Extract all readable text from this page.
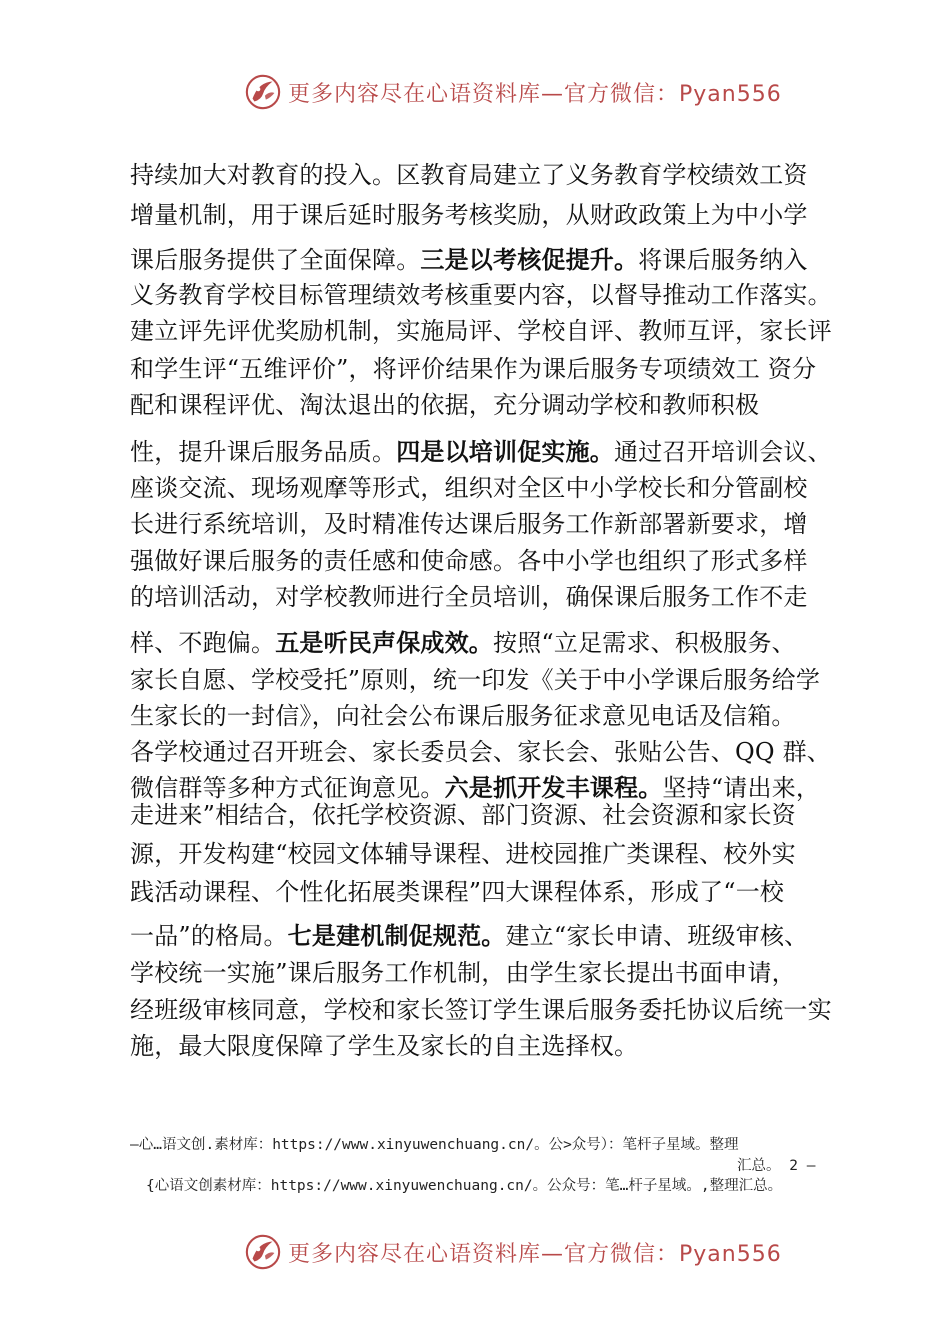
更多内容尽在心语资料库—官方微信：Pyan556
持续加大对教育的投入。区教育局建立了义务教育学校绩效工资
增量机制，用于课后延时服务考核奖励，从财政政策上为中小学
课后服务提供了全面保障。三是以考核促提升。将课后服务纳入
义务教育学校目标管理绩效考核重要内容，以督导推动工作落实。
建立评先评优奖励机制，实施局评、学校自评、教师互评，家长评
和学生评“五维评价”，将评价结果作为课后服务专项绩效工 资分
配和课程评优、淘汰退出的依据，充分调动学校和教师积极
性，提升课后服务品质。四是以培训促实施。通过召开培训会议、
座谈交流、现场观摩等形式，组织对全区中小学校长和分管副校
长进行系统培训，及时精准传达课后服务工作新部署新要求，增
强做好课后服务的责任感和使命感。各中小学也组织了形式多样
的培训活动，对学校教师进行全员培训，确保课后服务工作不走
样、不跑偏。五是听民声保成效。按照“立足需求、积极服务、
家长自愿、学校受托”原则，统一印发《关于中小学课后服务给学
生家长的一封信》，向社会公布课后服务征求意见电话及信箱。
各学校通过召开班会、家长委员会、家长会、张贴公告、QQ 群、
微信群等多种方式征询意见。六是抓开发丰课程。坚持“请出来，
走进来”相结合，依托学校资源、部门资源、社会资源和家长资
源，开发构建“校园文体辅导课程、进校园推广类课程、校外实
践活动课程、个性化拓展类课程”四大课程体系，形成了“一校
一品”的格局。七是建机制促规范。建立“家长申请、班级审核、
学校统一实施”课后服务工作机制，由学生家长提出书面申请，
经班级审核同意，学校和家长签订学生课后服务委托协议后统一实
施，最大限度保障了学生及家长的自主选择权。
—心…语文创.素材库：https://www.xinyuwenchuang.cn/。公>众号）：笔杆子星域。整理
汇总。 2 —
{心语文创素材库：https://www.xinyuwenchuang.cn/。公众号：笔…杆子星域。,整理汇总。
更多内容尽在心语资料库—官方微信：Pyan556
